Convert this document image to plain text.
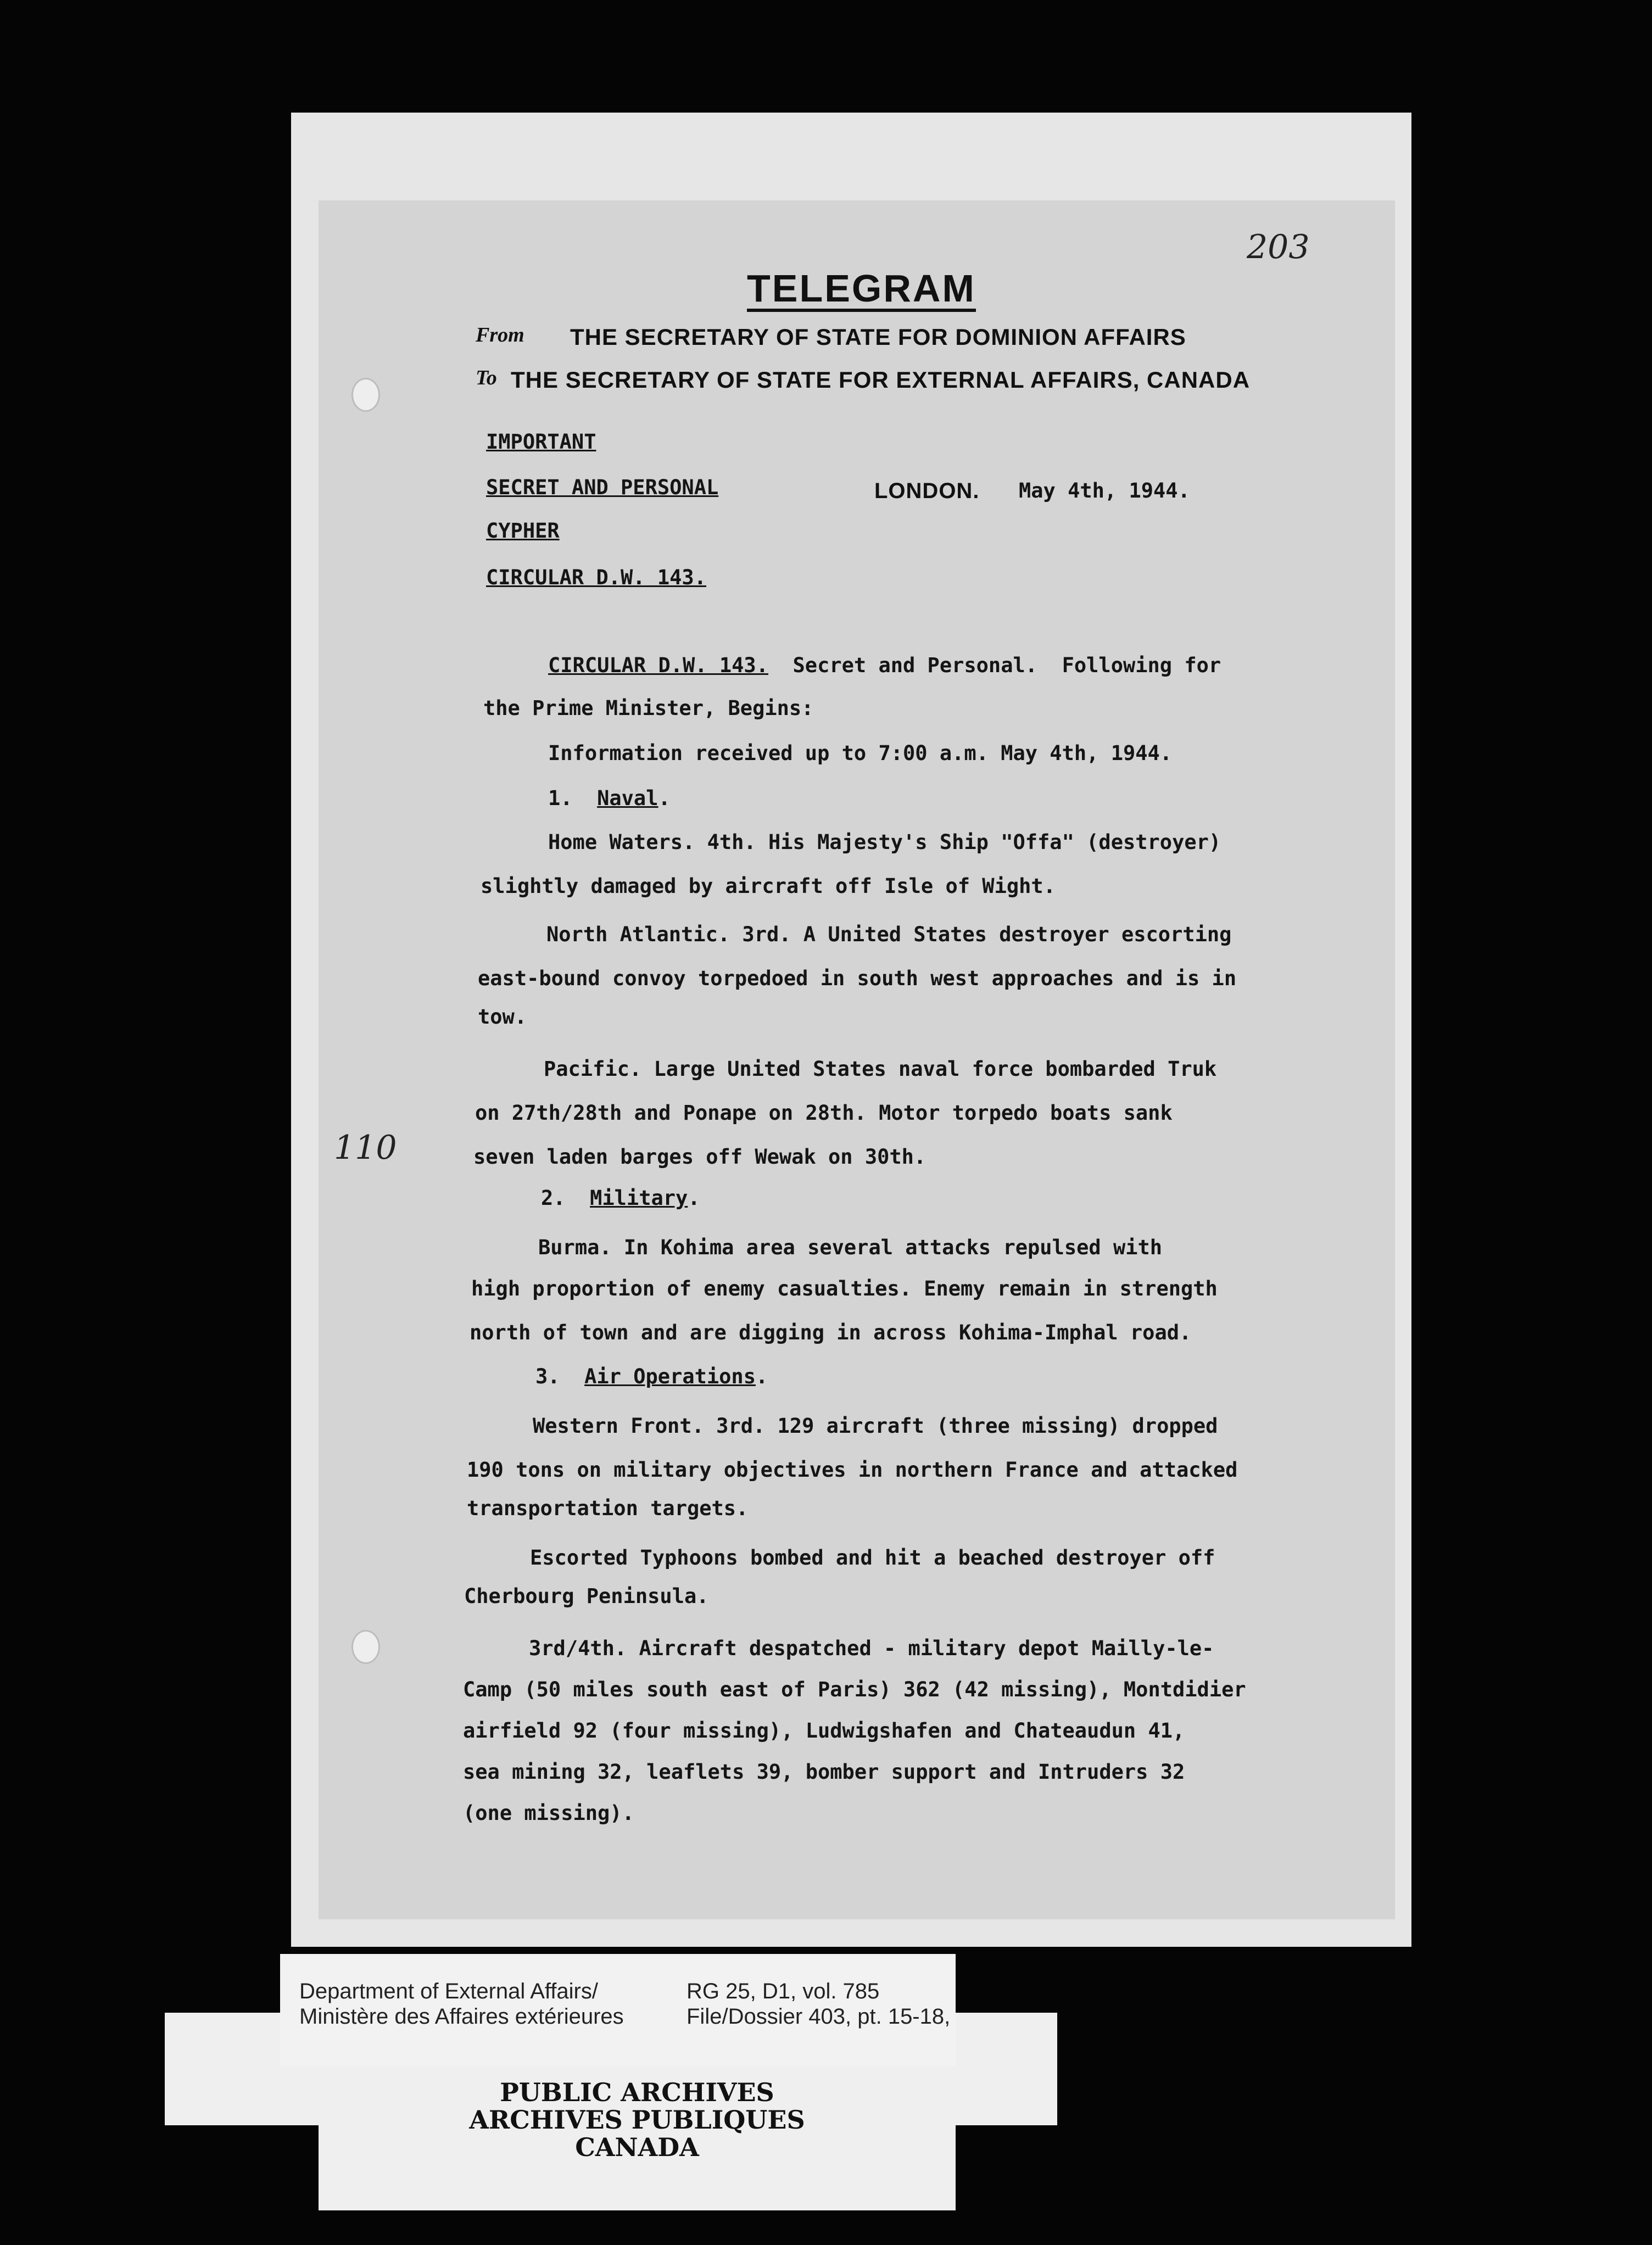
203
110
TELEGRAM
From THE SECRETARY OF STATE FOR DOMINION AFFAIRS
To THE SECRETARY OF STATE FOR EXTERNAL AFFAIRS, CANADA
IMPORTANT
SECRET AND PERSONAL
CYPHER
CIRCULAR D.W. 143.
LONDON. May 4th, 1944.
CIRCULAR D.W. 143.  Secret and Personal.  Following for
the Prime Minister, Begins:
Information received up to 7:00 a.m. May 4th, 1944.
1.  Naval.
Home Waters. 4th. His Majesty's Ship "Offa" (destroyer)
slightly damaged by aircraft off Isle of Wight.
North Atlantic. 3rd. A United States destroyer escorting
east-bound convoy torpedoed in south west approaches and is in
tow.
Pacific. Large United States naval force bombarded Truk
on 27th/28th and Ponape on 28th. Motor torpedo boats sank
seven laden barges off Wewak on 30th.
2.  Military.
Burma. In Kohima area several attacks repulsed with
high proportion of enemy casualties. Enemy remain in strength
north of town and are digging in across Kohima-Imphal road.
3.  Air Operations.
Western Front. 3rd. 129 aircraft (three missing) dropped
190 tons on military objectives in northern France and attacked
transportation targets.
Escorted Typhoons bombed and hit a beached destroyer off
Cherbourg Peninsula.
3rd/4th. Aircraft despatched - military depot Mailly-le-
Camp (50 miles south east of Paris) 362 (42 missing), Montdidier
airfield 92 (four missing), Ludwigshafen and Chateaudun 41,
sea mining 32, leaflets 39, bomber support and Intruders 32
(one missing).
Department of External Affairs/
Ministère des Affaires extérieures
RG 25, D1, vol. 785
File/Dossier 403, pt. 15-18,
PUBLIC ARCHIVES
ARCHIVES PUBLIQUES
CANADA
